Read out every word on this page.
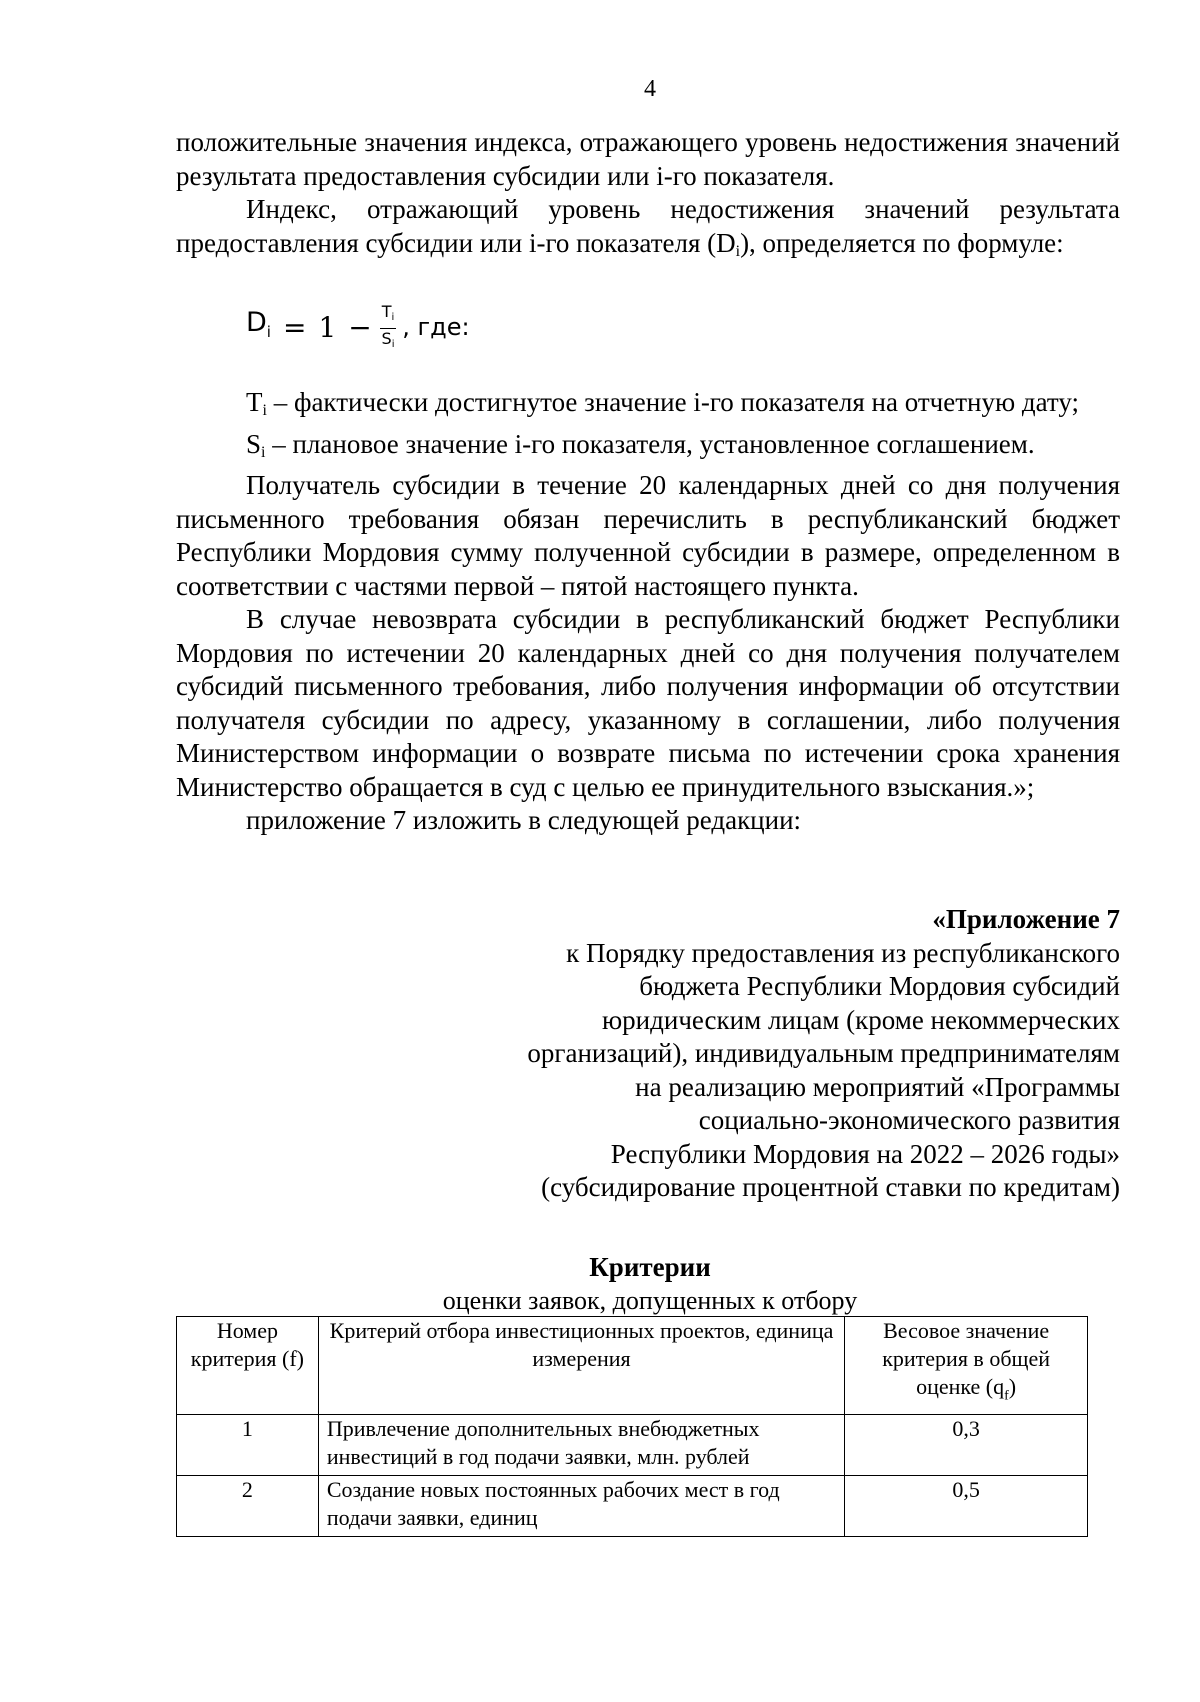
4

положительные значения индекса, отражающего уровень недостижения значений результата предоставления субсидии или i-го показателя.

Индекс, отражающий уровень недостижения значений результата предоставления субсидии или i-го показателя (Di), определяется по формуле:

$D_i = 1 - \frac{T_i}{S_i}$ , где:

Ti – фактически достигнутое значение i-го показателя на отчетную дату;

Si – плановое значение i-го показателя, установленное соглашением.

Получатель субсидии в течение 20 календарных дней со дня получения письменного требования обязан перечислить в республиканский бюджет Республики Мордовия сумму полученной субсидии в размере, определенном в соответствии с частями первой – пятой настоящего пункта.

В случае невозврата субсидии в республиканский бюджет Республики Мордовия по истечении 20 календарных дней со дня получения получателем субсидий письменного требования, либо получения информации об отсутствии получателя субсидии по адресу, указанному в соглашении, либо получения Министерством информации о возврате письма по истечении срока хранения Министерство обращается в суд с целью ее принудительного взыскания.»;

приложение 7 изложить в следующей редакции:

«Приложение 7
к Порядку предоставления из республиканского
бюджета Республики Мордовия субсидий
юридическим лицам (кроме некоммерческих
организаций), индивидуальным предпринимателям
на реализацию мероприятий «Программы
социально-экономического развития
Республики Мордовия на 2022 – 2026 годы»
(субсидирование процентной ставки по кредитам)
Критерии
оценки заявок, допущенных к отбору
Номер критерия (f)	Критерий отбора инвестиционных проектов, единица измерения	Весовое значение критерия в общей оценке $(q_f)$
1	Привлечение дополнительных внебюджетных инвестиций в год подачи заявки, млн. рублей	0,3
2	Создание новых постоянных рабочих мест в год подачи заявки, единиц	0,5
